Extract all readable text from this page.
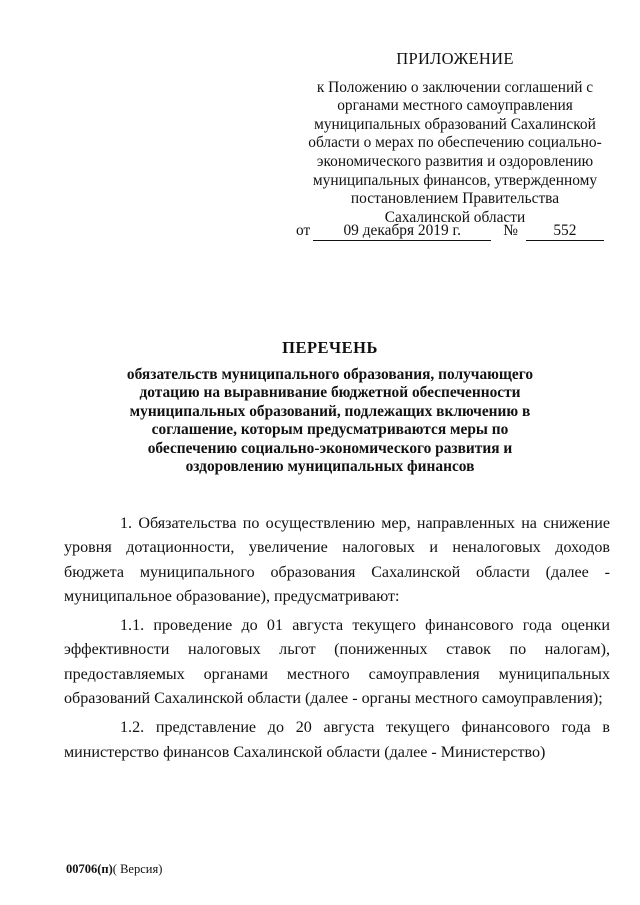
ПРИЛОЖЕНИЕ
к Положению о заключении соглашений с
органами местного самоуправления
муниципальных образований Сахалинской
области о мерах по обеспечению социально-
экономического развития и оздоровлению
муниципальных финансов, утвержденному
постановлением Правительства
Сахалинской области
от 09 декабря 2019 г.	№ 552
ПЕРЕЧЕНЬ
обязательств муниципального образования, получающего
дотацию на выравнивание бюджетной обеспеченности
муниципальных образований, подлежащих включению в
соглашение, которым предусматриваются меры по
обеспечению социально-экономического развития и
оздоровлению муниципальных финансов

1. Обязательства по осуществлению мер, направленных на снижение уровня дотационности, увеличение налоговых и неналоговых доходов бюджета муниципального образования Сахалинской области (далее - муниципальное образование), предусматривают:

1.1. проведение до 01 августа текущего финансового года оценки эффективности налоговых льгот (пониженных ставок по налогам), предоставляемых органами местного самоуправления муниципальных образований Сахалинской области (далее - органы местного самоуправления);

1.2. представление до 20 августа текущего финансового года в министерство финансов Сахалинской области (далее - Министерство)

00706(п)( Версия)
